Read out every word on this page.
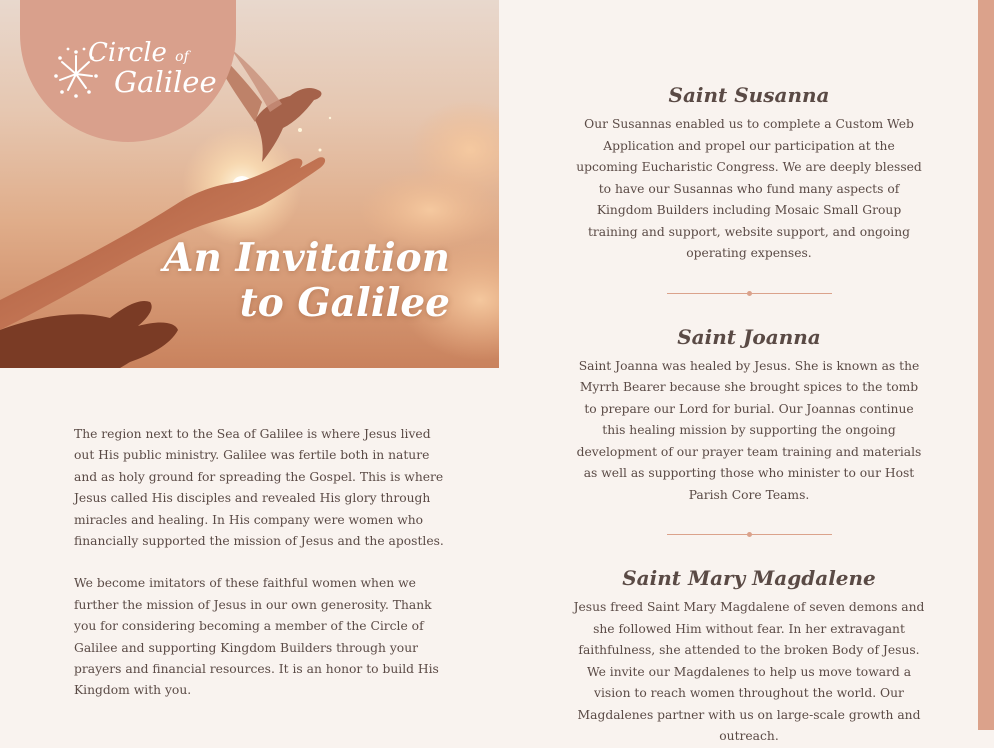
Circle of
Galilee
An Invitation
to Galilee

The region next to the Sea of Galilee is where Jesus lived out His public ministry. Galilee was fertile both in nature and as holy ground for spreading the Gospel. This is where Jesus called His disciples and revealed His glory through miracles and healing. In His company were women who financially supported the mission of Jesus and the apostles.

We become imitators of these faithful women when we further the mission of Jesus in our own generosity. Thank you for considering becoming a member of the Circle of Galilee and supporting Kingdom Builders through your prayers and financial resources. It is an honor to build His Kingdom with you.

Saint Susanna

Our Susannas enabled us to complete a Custom Web Application and propel our participation at the upcoming Eucharistic Congress. We are deeply blessed to have our Susannas who fund many aspects of Kingdom Builders including Mosaic Small Group training and support, website support, and ongoing operating expenses.

Saint Joanna

Saint Joanna was healed by Jesus. She is known as the Myrrh Bearer because she brought spices to the tomb to prepare our Lord for burial. Our Joannas continue this healing mission by supporting the ongoing development of our prayer team training and materials as well as supporting those who minister to our Host Parish Core Teams.

Saint Mary Magdalene

Jesus freed Saint Mary Magdalene of seven demons and she followed Him without fear. In her extravagant faithfulness, she attended to the broken Body of Jesus. We invite our Magdalenes to help us move toward a vision to reach women throughout the world. Our Magdalenes partner with us on large-scale growth and outreach.
